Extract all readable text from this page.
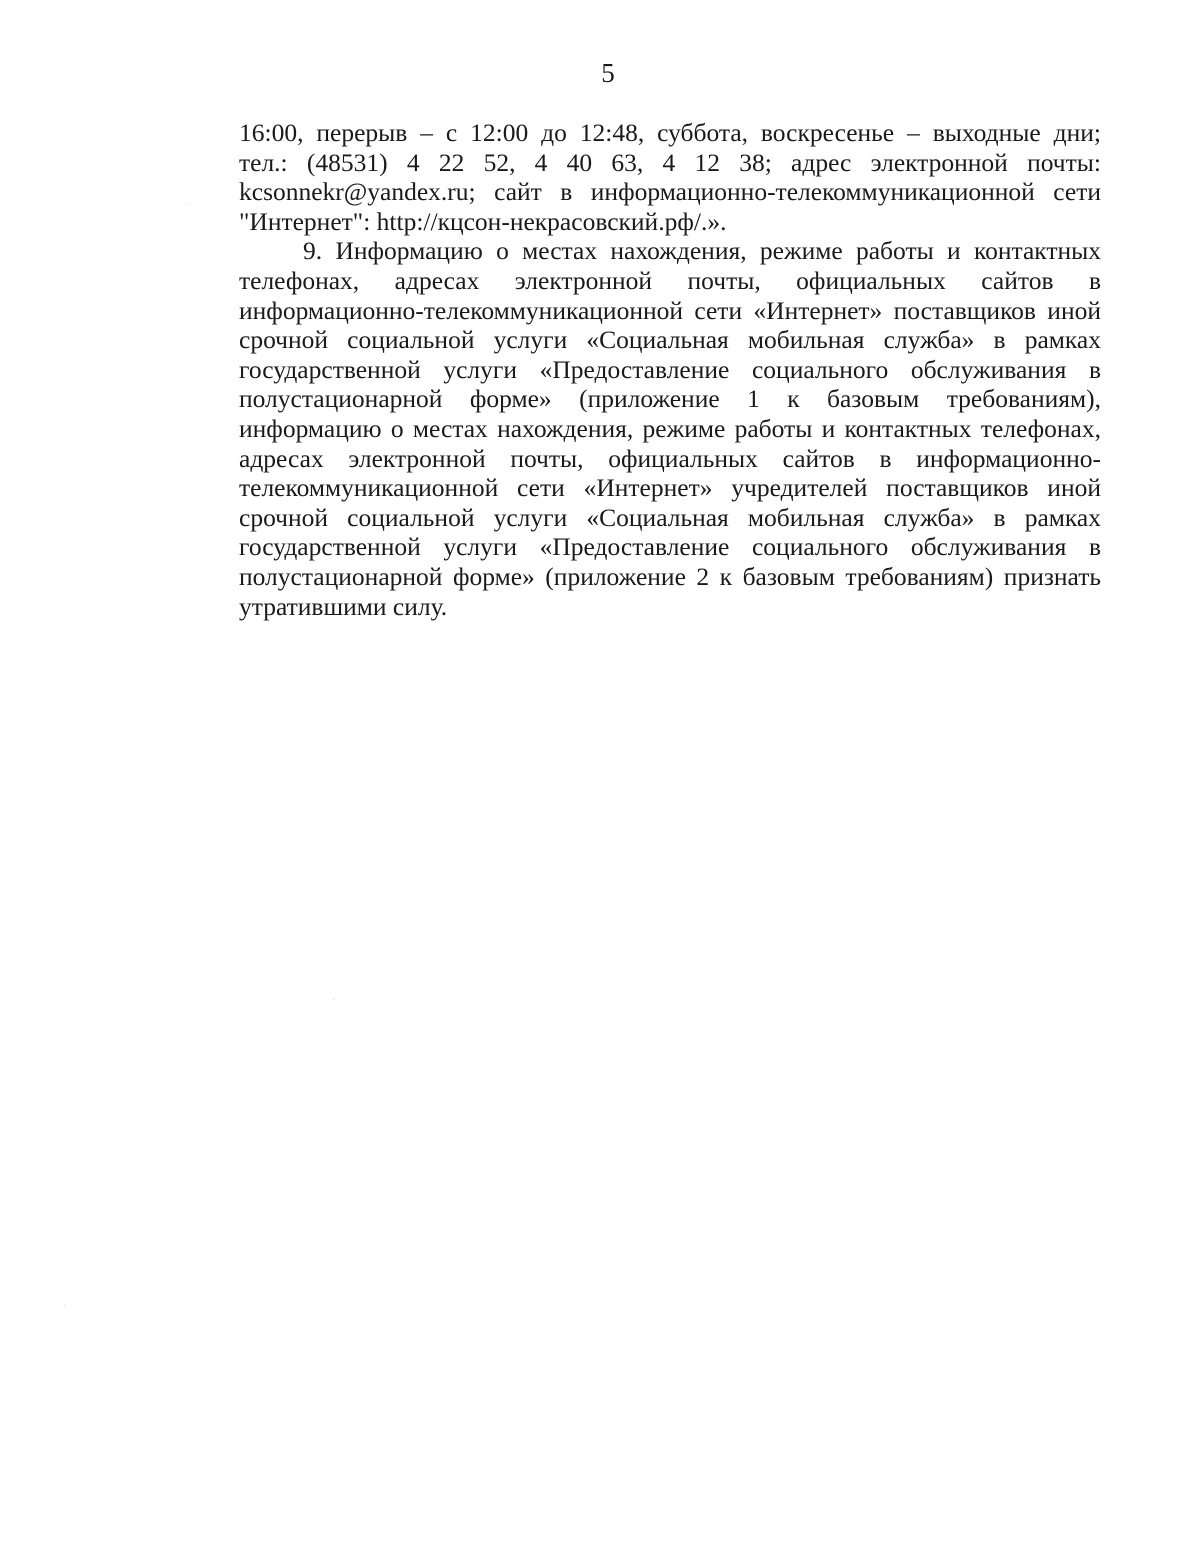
5
16:00, перерыв – с 12:00 до 12:48, суббота, воскресенье – выходные дни;
тел.: (48531) 4 22 52, 4 40 63, 4 12 38; адрес электронной почты:
kcsonnekr@yandex.ru; сайт в информационно-телекоммуникационной сети
"Интернет": http://кцсон-некрасовский.рф/.».
9. Информацию о местах нахождения, режиме работы и контактных
телефонах, адресах электронной почты, официальных сайтов в
информационно-телекоммуникационной сети «Интернет» поставщиков иной
срочной социальной услуги «Социальная мобильная служба» в рамках
государственной услуги «Предоставление социального обслуживания в
полустационарной форме» (приложение 1 к базовым требованиям),
информацию о местах нахождения, режиме работы и контактных телефонах,
адресах электронной почты, официальных сайтов в информационно-
телекоммуникационной сети «Интернет» учредителей поставщиков иной
срочной социальной услуги «Социальная мобильная служба» в рамках
государственной услуги «Предоставление социального обслуживания в
полустационарной форме» (приложение 2 к базовым требованиям) признать
утратившими силу.
